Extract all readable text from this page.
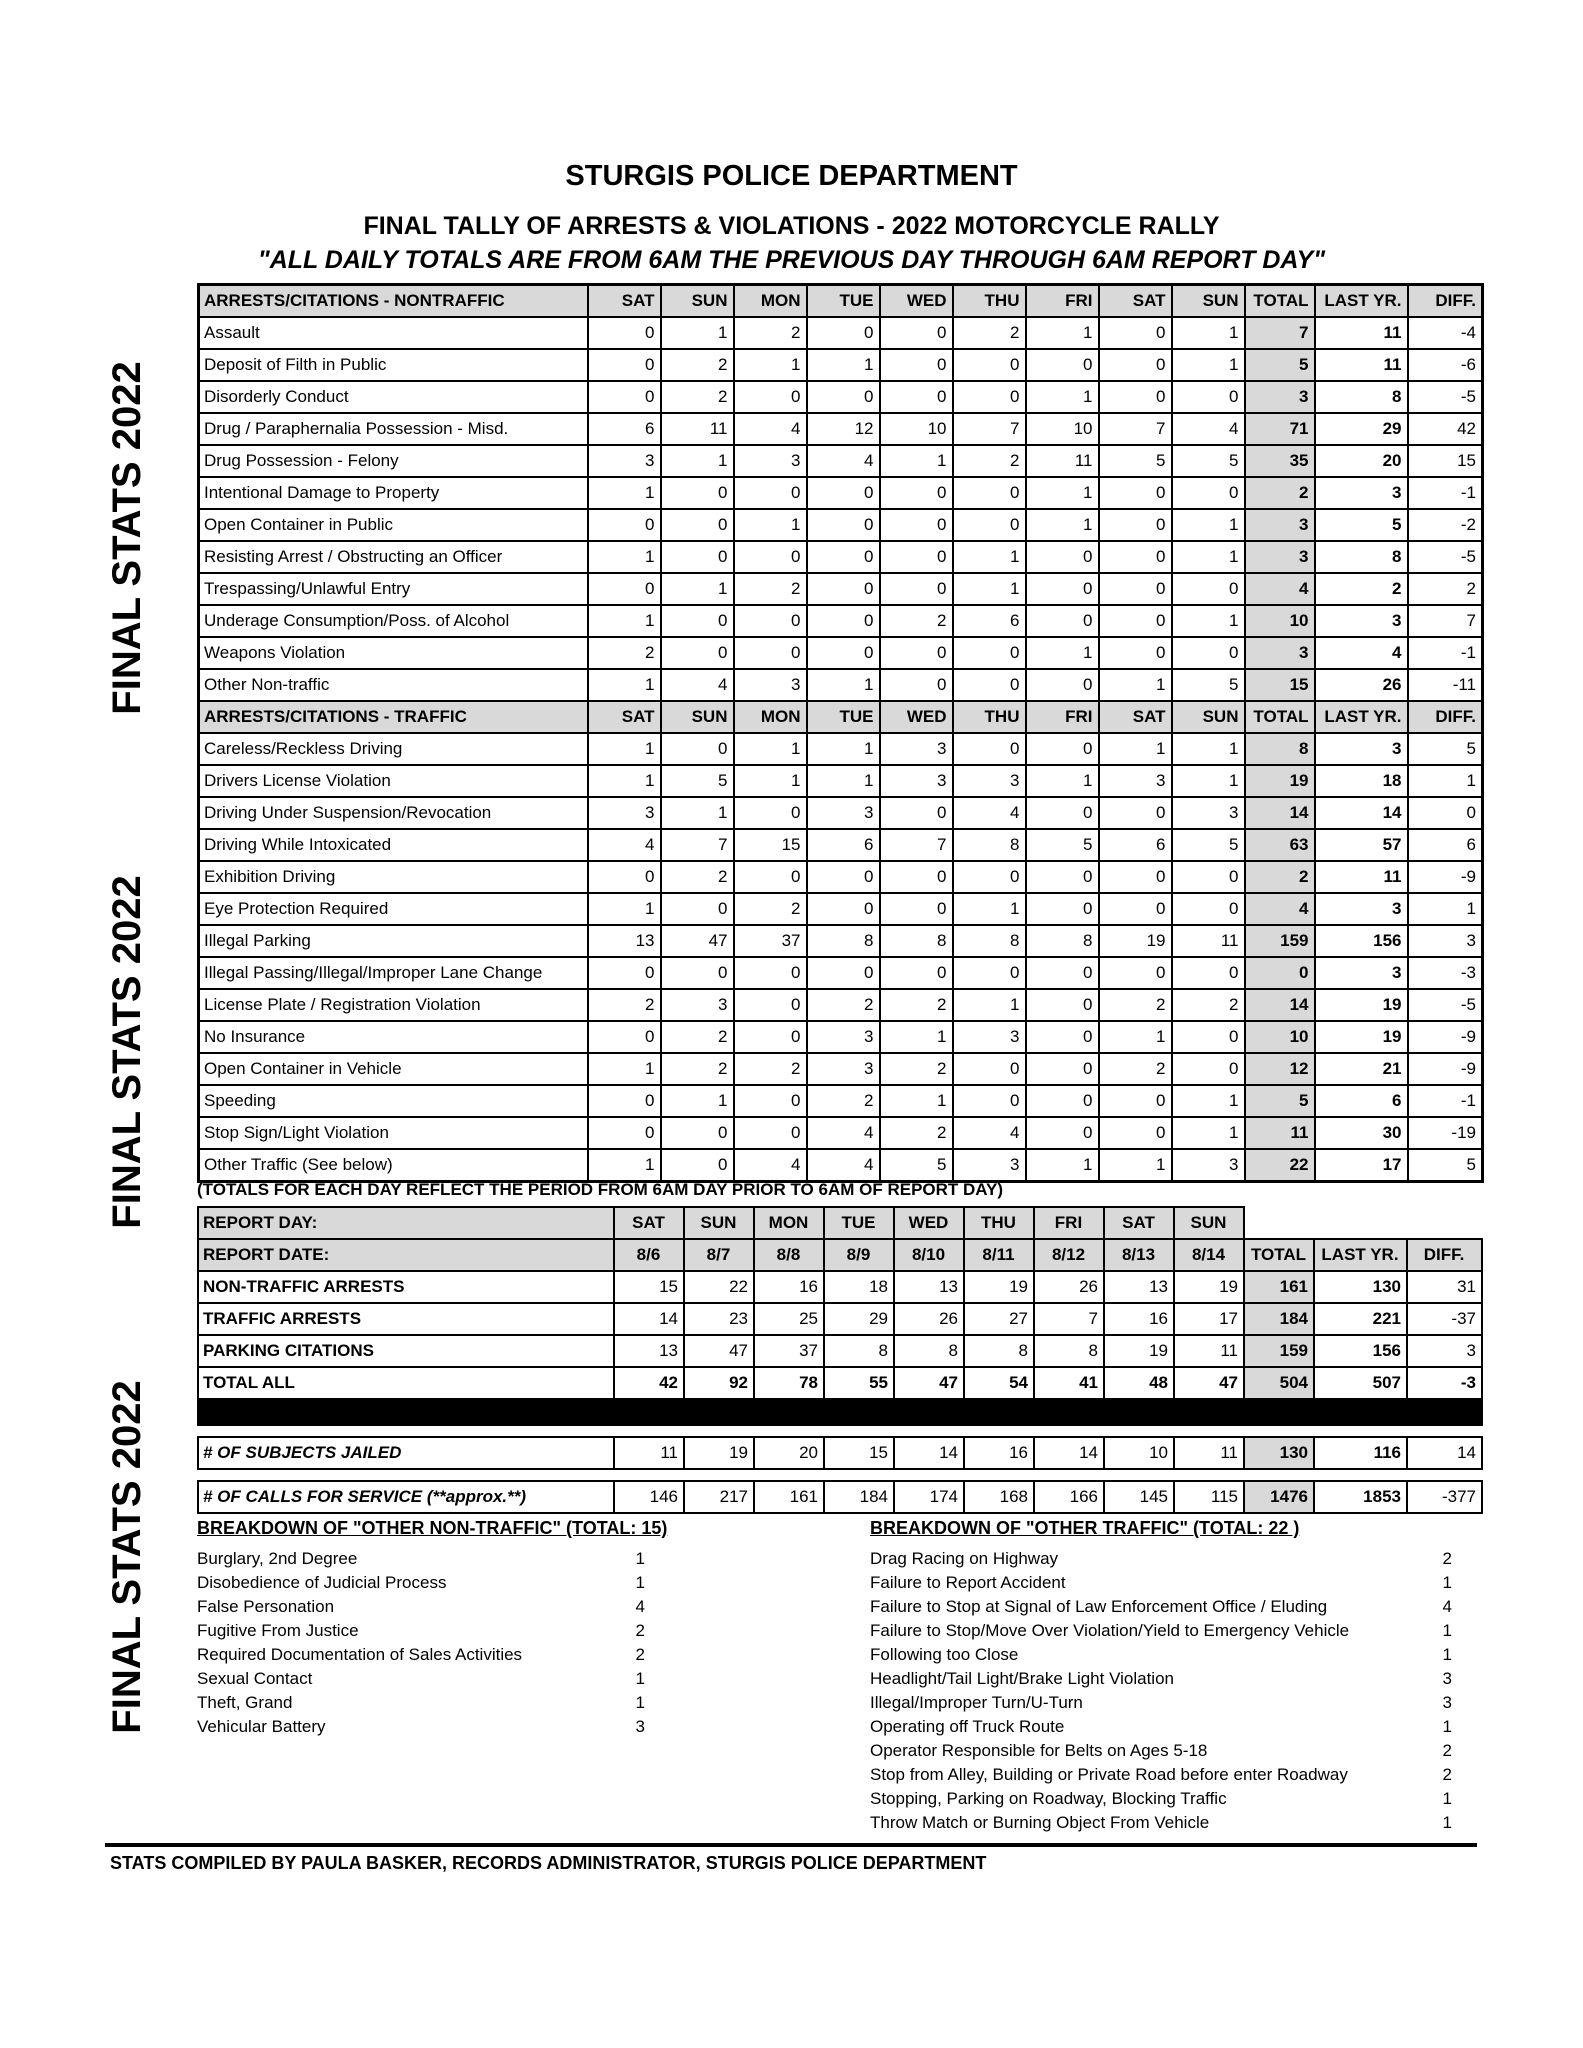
STURGIS POLICE DEPARTMENT
FINAL TALLY OF ARRESTS & VIOLATIONS - 2022 MOTORCYCLE RALLY
"ALL DAILY TOTALS ARE FROM 6AM THE PREVIOUS DAY THROUGH 6AM REPORT DAY"
FINAL STATS 2022
FINAL STATS 2022
FINAL STATS 2022
ARRESTS/CITATIONS - NONTRAFFIC	SAT	SUN	MON	TUE	WED	THU	FRI	SAT	SUN	TOTAL	LAST YR.	DIFF.
Assault	0	1	2	0	0	2	1	0	1	7	11	-4
Deposit of Filth in Public	0	2	1	1	0	0	0	0	1	5	11	-6
Disorderly Conduct	0	2	0	0	0	0	1	0	0	3	8	-5
Drug / Paraphernalia Possession - Misd.	6	11	4	12	10	7	10	7	4	71	29	42
Drug Possession - Felony	3	1	3	4	1	2	11	5	5	35	20	15
Intentional Damage to Property	1	0	0	0	0	0	1	0	0	2	3	-1
Open Container in Public	0	0	1	0	0	0	1	0	1	3	5	-2
Resisting Arrest / Obstructing an Officer	1	0	0	0	0	1	0	0	1	3	8	-5
Trespassing/Unlawful Entry	0	1	2	0	0	1	0	0	0	4	2	2
Underage Consumption/Poss. of Alcohol	1	0	0	0	2	6	0	0	1	10	3	7
Weapons Violation	2	0	0	0	0	0	1	0	0	3	4	-1
Other Non-traffic	1	4	3	1	0	0	0	1	5	15	26	-11
ARRESTS/CITATIONS - TRAFFIC	SAT	SUN	MON	TUE	WED	THU	FRI	SAT	SUN	TOTAL	LAST YR.	DIFF.
Careless/Reckless Driving	1	0	1	1	3	0	0	1	1	8	3	5
Drivers License Violation	1	5	1	1	3	3	1	3	1	19	18	1
Driving Under Suspension/Revocation	3	1	0	3	0	4	0	0	3	14	14	0
Driving While Intoxicated	4	7	15	6	7	8	5	6	5	63	57	6
Exhibition Driving	0	2	0	0	0	0	0	0	0	2	11	-9
Eye Protection Required	1	0	2	0	0	1	0	0	0	4	3	1
Illegal Parking	13	47	37	8	8	8	8	19	11	159	156	3
Illegal Passing/Illegal/Improper Lane Change	0	0	0	0	0	0	0	0	0	0	3	-3
License Plate / Registration Violation	2	3	0	2	2	1	0	2	2	14	19	-5
No Insurance	0	2	0	3	1	3	0	1	0	10	19	-9
Open Container in Vehicle	1	2	2	3	2	0	0	2	0	12	21	-9
Speeding	0	1	0	2	1	0	0	0	1	5	6	-1
Stop Sign/Light Violation	0	0	0	4	2	4	0	0	1	11	30	-19
Other Traffic (See below)	1	0	4	4	5	3	1	1	3	22	17	5
(TOTALS FOR EACH DAY REFLECT THE PERIOD FROM 6AM DAY PRIOR TO 6AM OF REPORT DAY)
REPORT DAY:	SAT	SUN	MON	TUE	WED	THU	FRI	SAT	SUN			
REPORT DATE:	8/6	8/7	8/8	8/9	8/10	8/11	8/12	8/13	8/14	TOTAL	LAST YR.	DIFF.
NON-TRAFFIC ARRESTS	15	22	16	18	13	19	26	13	19	161	130	31
TRAFFIC ARRESTS	14	23	25	29	26	27	7	16	17	184	221	-37
PARKING CITATIONS	13	47	37	8	8	8	8	19	11	159	156	3
TOTAL ALL	42	92	78	55	47	54	41	48	47	504	507	-3

# OF SUBJECTS JAILED	11	19	20	15	14	16	14	10	11	130	116	14

# OF CALLS FOR SERVICE (**approx.**)	146	217	161	184	174	168	166	145	115	1476	1853	-377
BREAKDOWN OF "OTHER NON-TRAFFIC" (TOTAL: 15)
Burglary, 2nd Degree	1
Disobedience of Judicial Process	1
False Personation	4
Fugitive From Justice	2
Required Documentation of Sales Activities	2
Sexual Contact	1
Theft, Grand	1
Vehicular Battery	3
BREAKDOWN OF "OTHER TRAFFIC" (TOTAL: 22 )
Drag Racing on Highway	2
Failure to Report Accident	1
Failure to Stop at Signal of Law Enforcement Office / Eluding	4
Failure to Stop/Move Over Violation/Yield to Emergency Vehicle	1
Following too Close	1
Headlight/Tail Light/Brake Light Violation	3
Illegal/Improper Turn/U-Turn	3
Operating off Truck Route	1
Operator Responsible for Belts on Ages 5-18	2
Stop from Alley, Building or Private Road before enter Roadway	2
Stopping, Parking on Roadway, Blocking Traffic	1
Throw Match or Burning Object From Vehicle	1
STATS COMPILED BY PAULA BASKER, RECORDS ADMINISTRATOR, STURGIS POLICE DEPARTMENT
